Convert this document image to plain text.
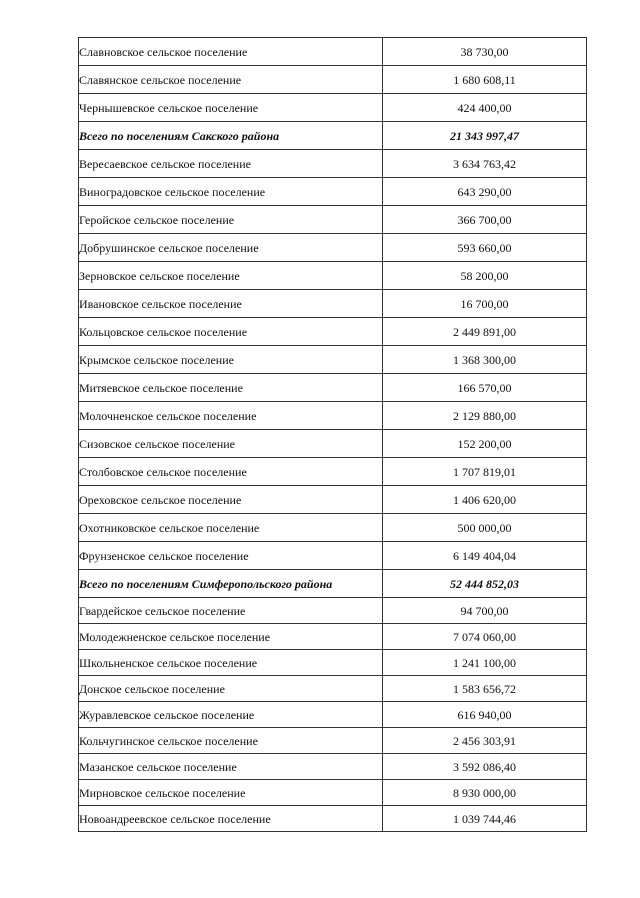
Славновское сельское поселение	38 730,00
Славянское сельское поселение	1 680 608,11
Чернышевское сельское поселение	424 400,00
Всего по поселениям Сакского района	21 343 997,47
Вересаевское сельское поселение	3 634 763,42
Виноградовское сельское поселение	643 290,00
Геройское сельское поселение	366 700,00
Добрушинское сельское поселение	593 660,00
Зерновское сельское поселение	58 200,00
Ивановское сельское поселение	16 700,00
Кольцовское сельское поселение	2 449 891,00
Крымское сельское поселение	1 368 300,00
Митяевское сельское поселение	166 570,00
Молочненское сельское поселение	2 129 880,00
Сизовское сельское поселение	152 200,00
Столбовское сельское поселение	1 707 819,01
Ореховское сельское поселение	1 406 620,00
Охотниковское сельское поселение	500 000,00
Фрунзенское сельское поселение	6 149 404,04
Всего по поселениям Симферопольского района	52 444 852,03
Гвардейское сельское поселение	94 700,00
Молодежненское сельское поселение	7 074 060,00
Школьненское сельское поселение	1 241 100,00
Донское сельское поселение	1 583 656,72
Журавлевское сельское поселение	616 940,00
Кольчугинское сельское поселение	2 456 303,91
Мазанское сельское поселение	3 592 086,40
Мирновское сельское поселение	8 930 000,00
Новоандреевское сельское поселение	1 039 744,46
